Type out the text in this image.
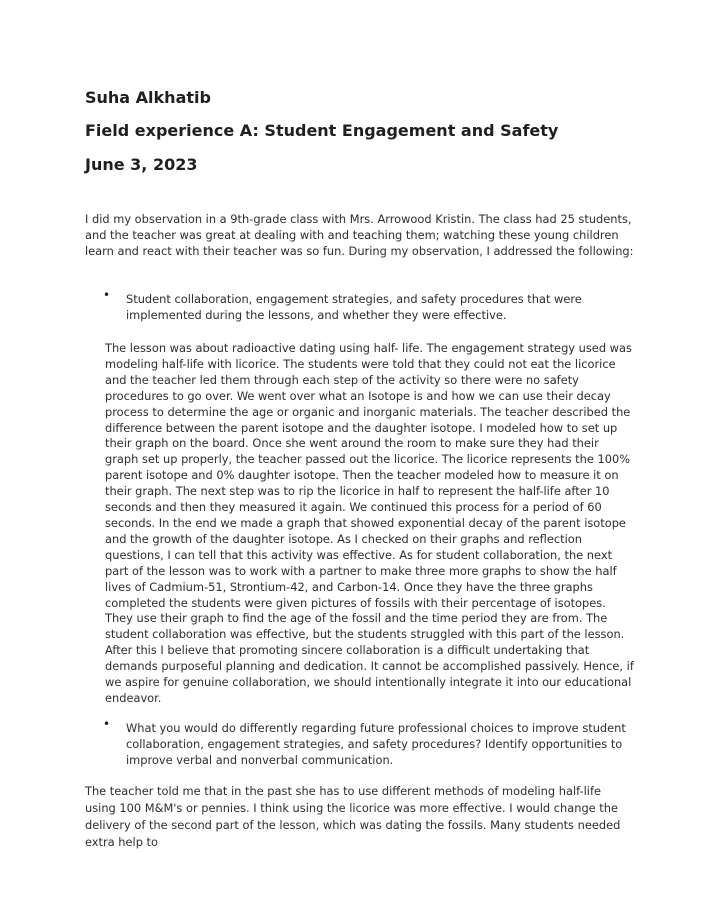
Suha Alkhatib
Field experience A: Student Engagement and Safety
June 3, 2023

I did my observation in a 9th-grade class with Mrs. Arrowood Kristin. The class had 25 students, and the teacher was great at dealing with and teaching them; watching these young children learn and react with their teacher was so fun. During my observation, I addressed the following:

• Student collaboration, engagement strategies, and safety procedures that were implemented during the lessons, and whether they were effective.

The lesson was about radioactive dating using half- life. The engagement strategy used was modeling half-life with licorice. The students were told that they could not eat the licorice and the teacher led them through each step of the activity so there were no safety procedures to go over. We went over what an Isotope is and how we can use their decay process to determine the age or organic and inorganic materials. The teacher described the difference between the parent isotope and the daughter isotope. I modeled how to set up their graph on the board. Once she went around the room to make sure they had their graph set up properly, the teacher passed out the licorice. The licorice represents the 100% parent isotope and 0% daughter isotope. Then the teacher modeled how to measure it on their graph. The next step was to rip the licorice in half to represent the half-life after 10 seconds and then they measured it again. We continued this process for a period of 60 seconds. In the end we made a graph that showed exponential decay of the parent isotope and the growth of the daughter isotope. As I checked on their graphs and reflection questions, I can tell that this activity was effective. As for student collaboration, the next part of the lesson was to work with a partner to make three more graphs to show the half lives of Cadmium-51, Strontium-42, and Carbon-14. Once they have the three graphs completed the students were given pictures of fossils with their percentage of isotopes. They use their graph to find the age of the fossil and the time period they are from. The student collaboration was effective, but the students struggled with this part of the lesson. After this I believe that promoting sincere collaboration is a difficult undertaking that demands purposeful planning and dedication. It cannot be accomplished passively. Hence, if we aspire for genuine collaboration, we should intentionally integrate it into our educational endeavor.

• What you would do differently regarding future professional choices to improve student collaboration, engagement strategies, and safety procedures? Identify opportunities to improve verbal and nonverbal communication.

The teacher told me that in the past she has to use different methods of modeling half-life using 100 M&M's or pennies. I think using the licorice was more effective. I would change the delivery of the second part of the lesson, which was dating the fossils. Many students needed extra help to
